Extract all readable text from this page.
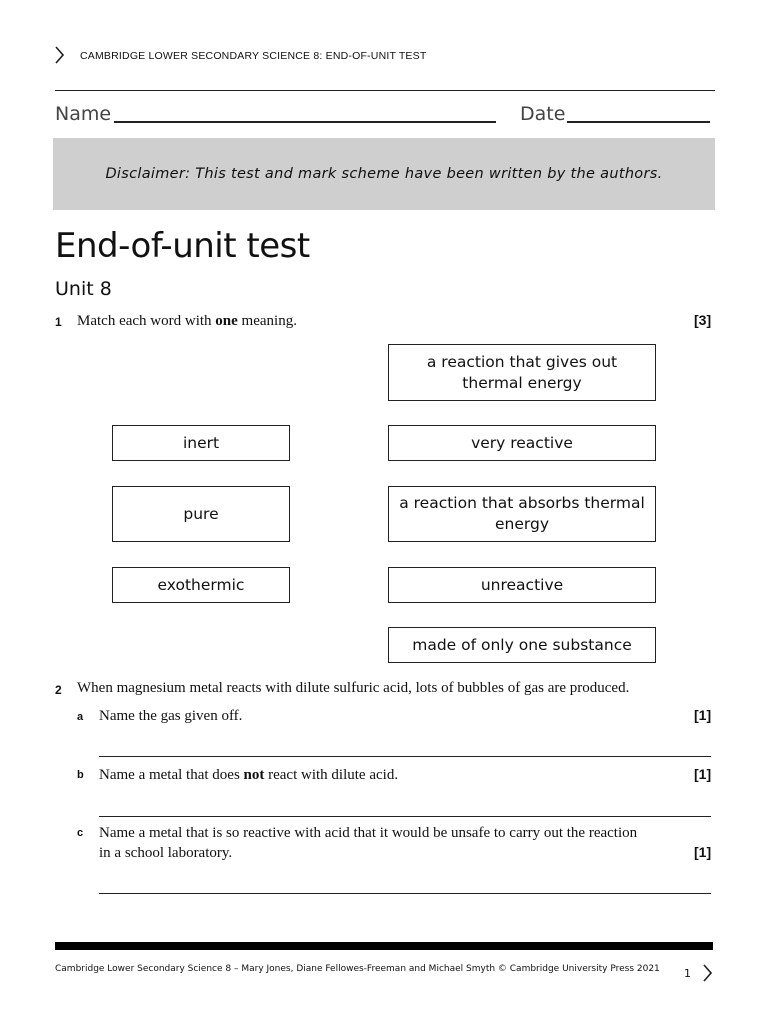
CAMBRIDGE LOWER SECONDARY SCIENCE 8: END-OF-UNIT TEST
Name	Date
Disclaimer: This test and mark scheme have been written by the authors.
End-of-unit test
Unit 8
1 Match each word with one meaning.	[3]
inert
pure
exothermic
a reaction that gives out thermal energy
very reactive
a reaction that absorbs thermal energy
unreactive
made of only one substance
2 When magnesium metal reacts with dilute sulfuric acid, lots of bubbles of gas are produced.
a Name the gas given off.	[1]
b Name a metal that does not react with dilute acid.	[1]
c Name a metal that is so reactive with acid that it would be unsafe to carry out the reaction
in a school laboratory.	[1]
Cambridge Lower Secondary Science 8 – Mary Jones, Diane Fellowes-Freeman and Michael Smyth © Cambridge University Press 2021 1
